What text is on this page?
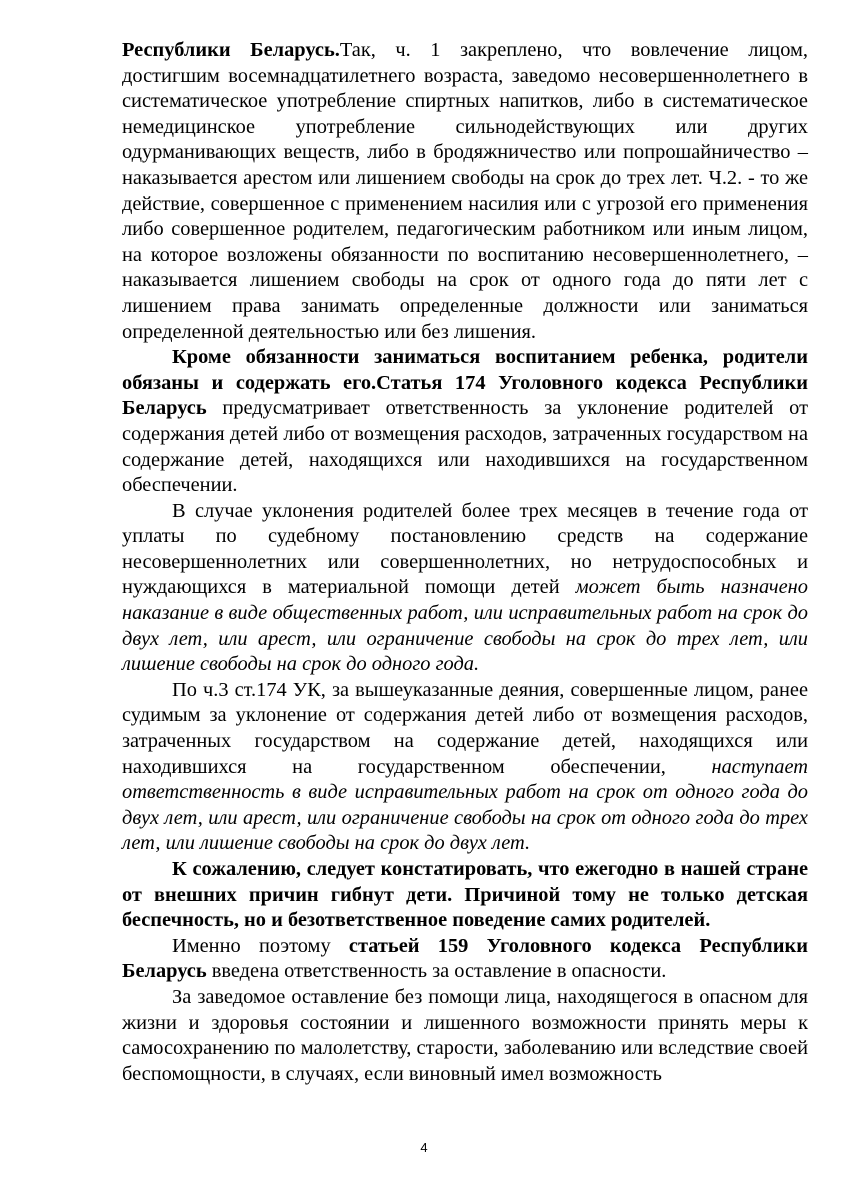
Республики Беларусь.Так, ч. 1 закреплено, что вовлечение лицом, достигшим восемнадцатилетнего возраста, заведомо несовершеннолетнего в систематическое употребление спиртных напитков, либо в систематическое немедицинское употребление сильнодействующих или других одурманивающих веществ, либо в бродяжничество или попрошайничество –наказывается арестом или лишением свободы на срок до трех лет. Ч.2. - то же действие, совершенное с применением насилия или с угрозой его применения либо совершенное родителем, педагогическим работником или иным лицом, на которое возложены обязанности по воспитанию несовершеннолетнего, – наказывается лишением свободы на срок от одного года до пяти лет с лишением права занимать определенные должности или заниматься определенной деятельностью или без лишения.

Кроме обязанности заниматься воспитанием ребенка, родители обязаны и содержать его.Статья 174 Уголовного кодекса Республики Беларусь предусматривает ответственность за уклонение родителей от содержания детей либо от возмещения расходов, затраченных государством на содержание детей, находящихся или находившихся на государственном обеспечении.

В случае уклонения родителей более трех месяцев в течение года от уплаты по судебному постановлению средств на содержание несовершеннолетних или совершеннолетних, но нетрудоспособных и нуждающихся в материальной помощи детей может быть назначено наказание в виде общественных работ, или исправительных работ на срок до двух лет, или арест, или ограничение свободы на срок до трех лет, или лишение свободы на срок до одного года.

По ч.3 ст.174 УК, за вышеуказанные деяния, совершенные лицом, ранее судимым за уклонение от содержания детей либо от возмещения расходов, затраченных государством на содержание детей, находящихся или находившихся на государственном обеспечении, наступает ответственность в виде исправительных работ на срок от одного года до двух лет, или арест, или ограничение свободы на срок от одного года до трех лет, или лишение свободы на срок до двух лет.

К сожалению, следует констатировать, что ежегодно в нашей стране от внешних причин гибнут дети. Причиной тому не только детская беспечность, но и безответственное поведение самих родителей.

Именно поэтому статьей 159 Уголовного кодекса Республики Беларусь введена ответственность за оставление в опасности.

За заведомое оставление без помощи лица, находящегося в опасном для жизни и здоровья состоянии и лишенного возможности принять меры к самосохранению по малолетству, старости, заболеванию или вследствие своей беспомощности, в случаях, если виновный имел возможность

4
